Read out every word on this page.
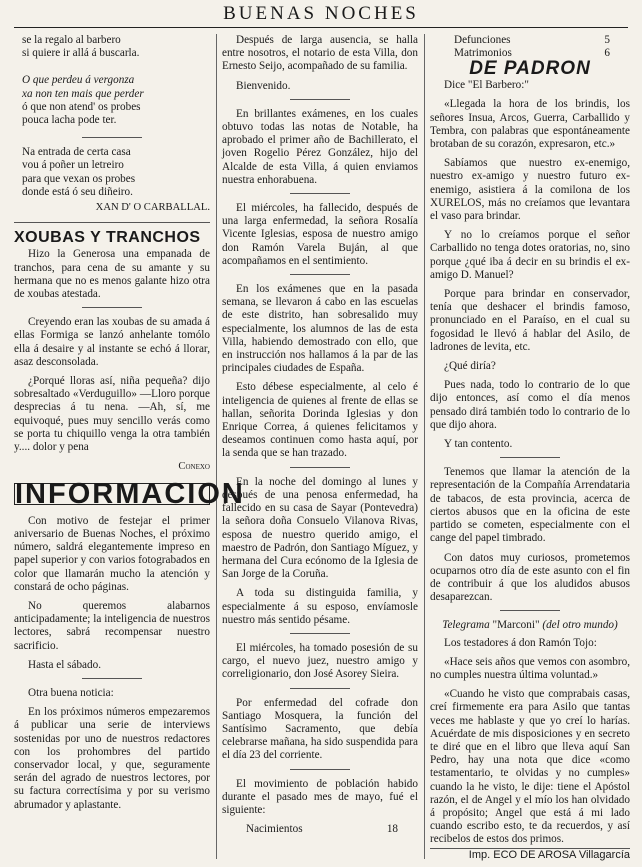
BUENAS NOCHES
se la regalo al barbero
si quiere ir allá á buscarla.
O que perdeu á vergonza
xa non ten mais que perder
ó que non atend' os probes
pouca lacha pode ter.
Na entrada de certa casa
vou á poñer un letreiro
para que vexan os probes
donde está ó seu diñeiro.
XAN D' O CARBALLAL.
XOUBAS Y TRANCHOS

Hizo la Generosa una empanada de tranchos, para cena de su amante y su hermana que no es menos galante hizo otra de xoubas atestada.

Creyendo eran las xoubas de su amada á ellas Formiga se lanzó anhelante tomólo ella á desaire y al instante se echó á llorar, asaz desconsolada.

¿Porqué lloras así, niña pequeña? dijo sobresaltado «Verduguillo» —Lloro porque desprecias á tu nena. —Ah, sí, me equivoqué, pues muy sencillo verás como se porta tu chiquillo venga la otra también y.... dolor y pena

Conexo
INFORMACION

Con motivo de festejar el primer aniversario de Buenas Noches, el próximo número, saldrá elegantemente impreso en papel superior y con varios fotograbados en color que llamarán mucho la atención y constará de ocho páginas.

No queremos alabarnos anticipadamente; la inteligencia de nuestros lectores, sabrá recompensar nuestro sacrificio.

Hasta el sábado.

Otra buena noticia:

En los próximos números empezaremos á publicar una serie de interviews sostenidas por uno de nuestros redactores con los prohombres del partido conservador local, y que, seguramente serán del agrado de nuestros lectores, por su factura correctísima y por su verismo abrumador y aplastante.

Después de larga ausencia, se halla entre nosotros, el notario de esta Villa, don Ernesto Seijo, acompañado de su familia.

Bienvenido.

En brillantes exámenes, en los cuales obtuvo todas las notas de Notable, ha aprobado el primer año de Bachillerato, el joven Rogelio Pérez González, hijo del Alcalde de esta Villa, á quien enviamos nuestra enhorabuena.

El miércoles, ha fallecido, después de una larga enfermedad, la señora Rosalía Vicente Iglesias, esposa de nuestro amigo don Ramón Varela Buján, al que acompañamos en el sentimiento.

En los exámenes que en la pasada semana, se llevaron á cabo en las escuelas de este distrito, han sobresalido muy especialmente, los alumnos de las de esta Villa, habiendo demostrado con ello, que en instrucción nos hallamos á la par de las principales ciudades de España.

Esto débese especialmente, al celo é inteligencia de quienes al frente de ellas se hallan, señorita Dorinda Iglesias y don Enrique Correa, á quienes felicitamos y deseamos continuen como hasta aquí, por la senda que se han trazado.

En la noche del domingo al lunes y después de una penosa enfermedad, ha fallecido en su casa de Sayar (Pontevedra) la señora doña Consuelo Vilanova Rivas, esposa de nuestro querido amigo, el maestro de Padrón, don Santiago Míguez, y hermana del Cura ecónomo de la Iglesia de San Jorge de la Coruña.

A toda su distinguida familia, y especialmente á su esposo, envíamosle nuestro más sentido pésame.

El miércoles, ha tomado posesión de su cargo, el nuevo juez, nuestro amigo y correligionario, don José Asorey Sieira.

Por enfermedad del cofrade don Santiago Mosquera, la función del Santísimo Sacramento, que debía celebrarse mañana, ha sido suspendida para el día 23 del corriente.

El movimiento de población habido durante el pasado mes de mayo, fué el siguiente:

Nacimientos	18
Defunciones	5
Matrimonios	6
DE PADRON

Dice "El Barbero:"

«Llegada la hora de los brindis, los señores Insua, Arcos, Guerra, Carballido y Tembra, con palabras que espontáneamente brotaban de su corazón, expresaron, etc.»

Sabíamos que nuestro ex-enemigo, nuestro ex-amigo y nuestro futuro ex-enemigo, asistiera á la comilona de los XURELOS, más no creíamos que levantara el vaso para brindar.

Y no lo creíamos porque el señor Carballido no tenga dotes oratorias, no, sino porque ¿qué iba á decir en su brindis el ex-amigo D. Manuel?

Porque para brindar en conservador, tenía que deshacer el brindis famoso, pronunciado en el Paraíso, en el cual su fogosidad le llevó á hablar del Asilo, de ladrones de levita, etc.

¿Qué diría?

Pues nada, todo lo contrario de lo que dijo entonces, así como el día menos pensado dirá también todo lo contrario de lo que dijo ahora.

Y tan contento.

Tenemos que llamar la atención de la representación de la Compañía Arrendataria de tabacos, de esta provincia, acerca de ciertos abusos que en la oficina de este partido se cometen, especialmente con el cange del papel timbrado.

Con datos muy curiosos, prometemos ocuparnos otro día de este asunto con el fin de contribuir á que los aludidos abusos desaparezcan.

Telegrama "Marconi" (del otro mundo)

Los testadores á don Ramón Tojo:

«Hace seis años que vemos con asombro, no cumples nuestra última voluntad.»

«Cuando he visto que comprabais casas, creí firmemente era para Asilo que tantas veces me hablaste y que yo creí lo harías. Acuérdate de mis disposiciones y en secreto te diré que en el libro que lleva aquí San Pedro, hay una nota que dice «como testamentario, te olvidas y no cumples» cuando la he visto, le dije: tiene el Apóstol razón, el de Angel y el mío los han olvidado á propósito; Angel que está á mi lado cuando escribo esto, te da recuerdos, y así recibelos de estos dos primos.

Imp. ECO DE AROSA Villagarcía
